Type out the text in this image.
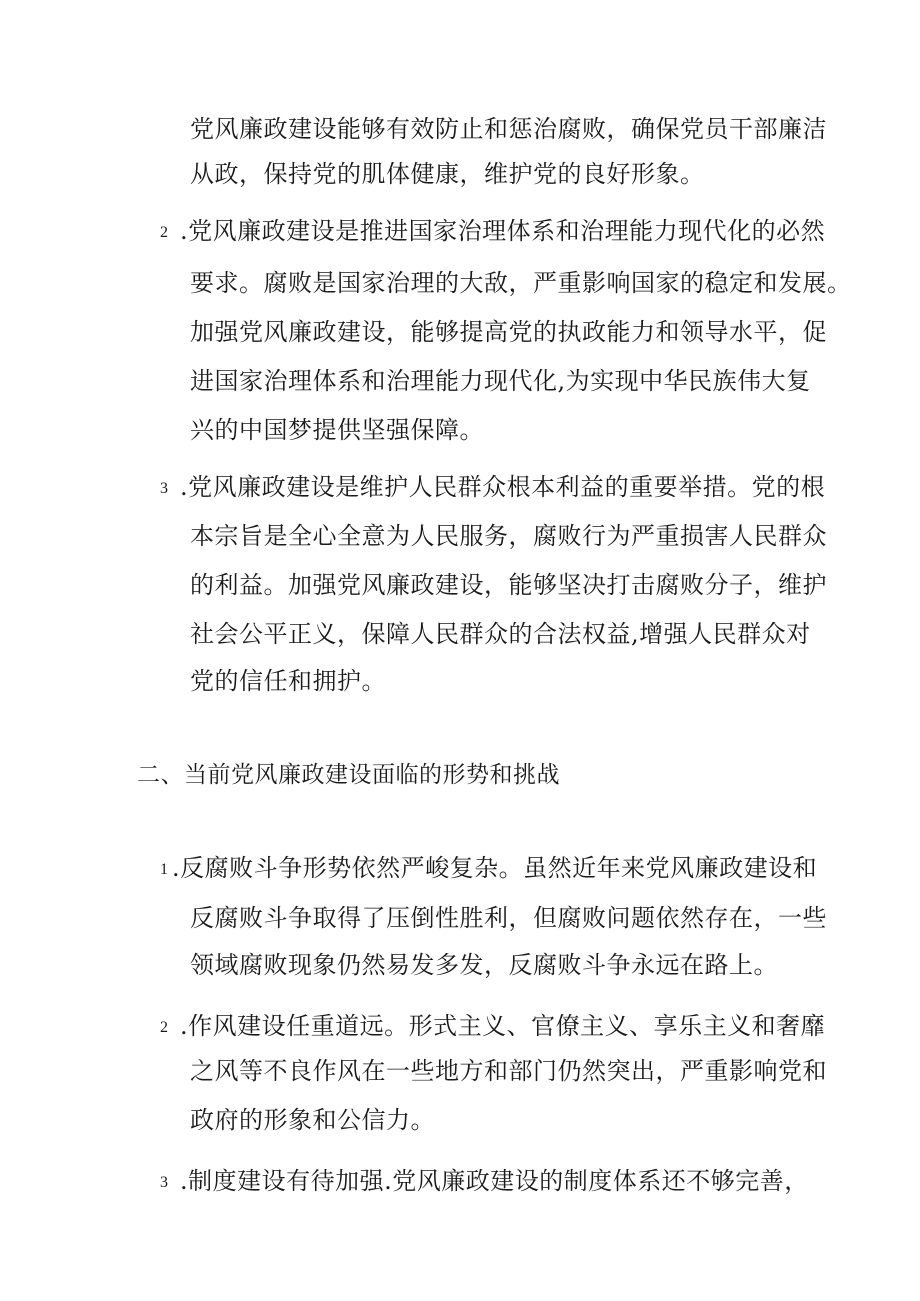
党风廉政建设能够有效防止和惩治腐败，确保党员干部廉洁
从政，保持党的肌体健康，维护党的良好形象。
2 .党风廉政建设是推进国家治理体系和治理能力现代化的必然
要求。腐败是国家治理的大敌，严重影响国家的稳定和发展。
加强党风廉政建设，能够提高党的执政能力和领导水平，促
进国家治理体系和治理能力现代化,为实现中华民族伟大复
兴的中国梦提供坚强保障。
3 .党风廉政建设是维护人民群众根本利益的重要举措。党的根
本宗旨是全心全意为人民服务，腐败行为严重损害人民群众
的利益。加强党风廉政建设，能够坚决打击腐败分子，维护
社会公平正义，保障人民群众的合法权益,增强人民群众对
党的信任和拥护。
二、当前党风廉政建设面临的形势和挑战
1 .反腐败斗争形势依然严峻复杂。虽然近年来党风廉政建设和
反腐败斗争取得了压倒性胜利，但腐败问题依然存在，一些
领域腐败现象仍然易发多发，反腐败斗争永远在路上。
2 .作风建设任重道远。形式主义、官僚主义、享乐主义和奢靡
之风等不良作风在一些地方和部门仍然突出，严重影响党和
政府的形象和公信力。
3 .制度建设有待加强.党风廉政建设的制度体系还不够完善，
